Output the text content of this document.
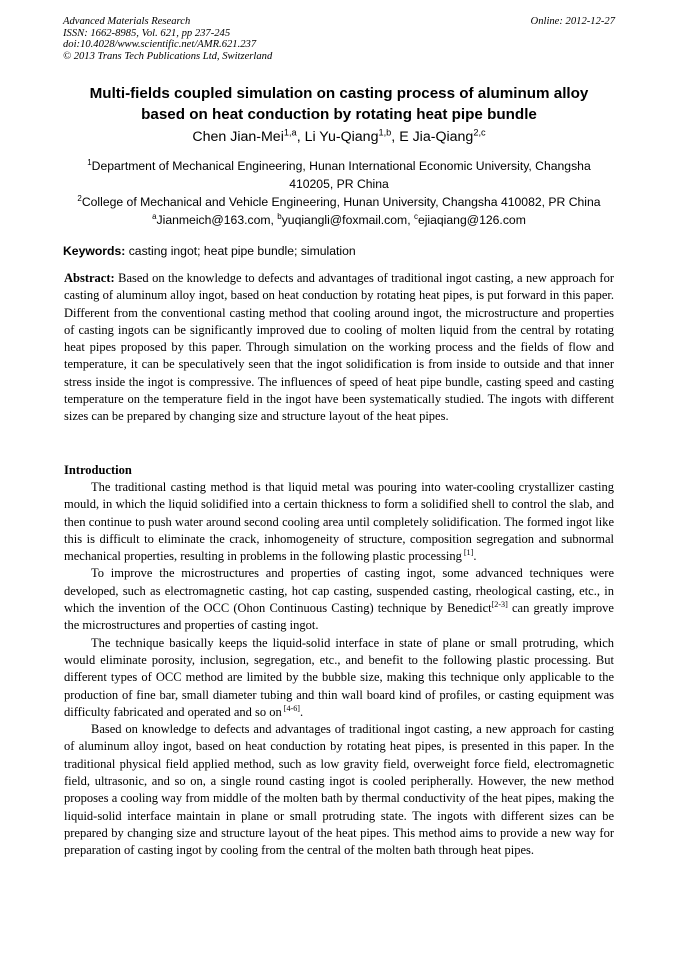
Advanced Materials Research
ISSN: 1662-8985, Vol. 621, pp 237-245
doi:10.4028/www.scientific.net/AMR.621.237
© 2013 Trans Tech Publications Ltd, Switzerland
Online: 2012-12-27
Multi-fields coupled simulation on casting process of aluminum alloy
based on heat conduction by rotating heat pipe bundle
Chen Jian-Mei$^{1,a}$, Li Yu-Qiang$^{1,b}$, E Jia-Qiang$^{2,c}$
$^1$Department of Mechanical Engineering, Hunan International Economic University, Changsha
410205, PR China
$^2$College of Mechanical and Vehicle Engineering, Hunan University, Changsha 410082, PR China
$^a$Jianmeich@163.com, $^b$yuqiangli@foxmail.com, $^c$ejiaqiang@126.com
Keywords: casting ingot; heat pipe bundle; simulation

Abstract: Based on the knowledge to defects and advantages of traditional ingot casting, a new approach for casting of aluminum alloy ingot, based on heat conduction by rotating heat pipes, is put forward in this paper. Different from the conventional casting method that cooling around ingot, the microstructure and properties of casting ingots can be significantly improved due to cooling of molten liquid from the central by rotating heat pipes proposed by this paper. Through simulation on the working process and the fields of flow and temperature, it can be speculatively seen that the ingot solidification is from inside to outside and that inner stress inside the ingot is compressive. The influences of speed of heat pipe bundle, casting speed and casting temperature on the temperature field in the ingot have been systematically studied. The ingots with different sizes can be prepared by changing size and structure layout of the heat pipes.

Introduction

The traditional casting method is that liquid metal was pouring into water-cooling crystallizer casting mould, in which the liquid solidified into a certain thickness to form a solidified shell to control the slab, and then continue to push water around second cooling area until completely solidification. The formed ingot like this is difficult to eliminate the crack, inhomogeneity of structure, composition segregation and subnormal mechanical properties, resulting in problems in the following plastic processing [1].

To improve the microstructures and properties of casting ingot, some advanced techniques were developed, such as electromagnetic casting, hot cap casting, suspended casting, rheological casting, etc., in which the invention of the OCC (Ohon Continuous Casting) technique by Benedict[2-3] can greatly improve the microstructures and properties of casting ingot.

The technique basically keeps the liquid-solid interface in state of plane or small protruding, which would eliminate porosity, inclusion, segregation, etc., and benefit to the following plastic processing. But different types of OCC method are limited by the bubble size, making this technique only applicable to the production of fine bar, small diameter tubing and thin wall board kind of profiles, or casting equipment was difficulty fabricated and operated and so on [4-6].

Based on knowledge to defects and advantages of traditional ingot casting, a new approach for casting of aluminum alloy ingot, based on heat conduction by rotating heat pipes, is presented in this paper. In the traditional physical field applied method, such as low gravity field, overweight force field, electromagnetic field, ultrasonic, and so on, a single round casting ingot is cooled peripherally. However, the new method proposes a cooling way from middle of the molten bath by thermal conductivity of the heat pipes, making the liquid-solid interface maintain in plane or small protruding state. The ingots with different sizes can be prepared by changing size and structure layout of the heat pipes. This method aims to provide a new way for preparation of casting ingot by cooling from the central of the molten bath through heat pipes.
